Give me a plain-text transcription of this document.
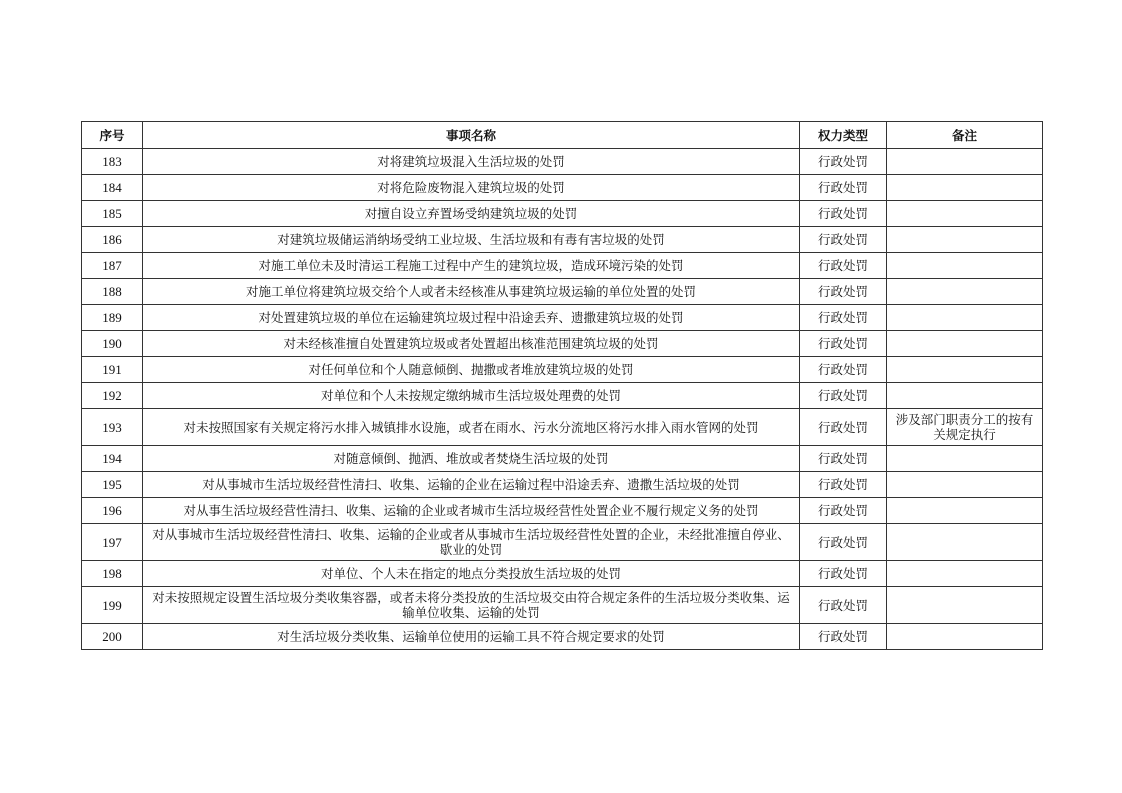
序号	事项名称	权力类型	备注
183	对将建筑垃圾混入生活垃圾的处罚	行政处罚	
184	对将危险废物混入建筑垃圾的处罚	行政处罚	
185	对擅自设立弃置场受纳建筑垃圾的处罚	行政处罚	
186	对建筑垃圾储运消纳场受纳工业垃圾、生活垃圾和有毒有害垃圾的处罚	行政处罚	
187	对施工单位未及时清运工程施工过程中产生的建筑垃圾，造成环境污染的处罚	行政处罚	
188	对施工单位将建筑垃圾交给个人或者未经核准从事建筑垃圾运输的单位处置的处罚	行政处罚	
189	对处置建筑垃圾的单位在运输建筑垃圾过程中沿途丢弃、遗撒建筑垃圾的处罚	行政处罚	
190	对未经核准擅自处置建筑垃圾或者处置超出核准范围建筑垃圾的处罚	行政处罚	
191	对任何单位和个人随意倾倒、抛撒或者堆放建筑垃圾的处罚	行政处罚	
192	对单位和个人未按规定缴纳城市生活垃圾处理费的处罚	行政处罚	
193	对未按照国家有关规定将污水排入城镇排水设施，或者在雨水、污水分流地区将污水排入雨水管网的处罚	行政处罚	涉及部门职责分工的按有关规定执行
194	对随意倾倒、抛洒、堆放或者焚烧生活垃圾的处罚	行政处罚	
195	对从事城市生活垃圾经营性清扫、收集、运输的企业在运输过程中沿途丢弃、遗撒生活垃圾的处罚	行政处罚	
196	对从事生活垃圾经营性清扫、收集、运输的企业或者城市生活垃圾经营性处置企业不履行规定义务的处罚	行政处罚	
197	对从事城市生活垃圾经营性清扫、收集、运输的企业或者从事城市生活垃圾经营性处置的企业，未经批准擅自停业、歇业的处罚	行政处罚	
198	对单位、个人未在指定的地点分类投放生活垃圾的处罚	行政处罚	
199	对未按照规定设置生活垃圾分类收集容器，或者未将分类投放的生活垃圾交由符合规定条件的生活垃圾分类收集、运输单位收集、运输的处罚	行政处罚	
200	对生活垃圾分类收集、运输单位使用的运输工具不符合规定要求的处罚	行政处罚	
